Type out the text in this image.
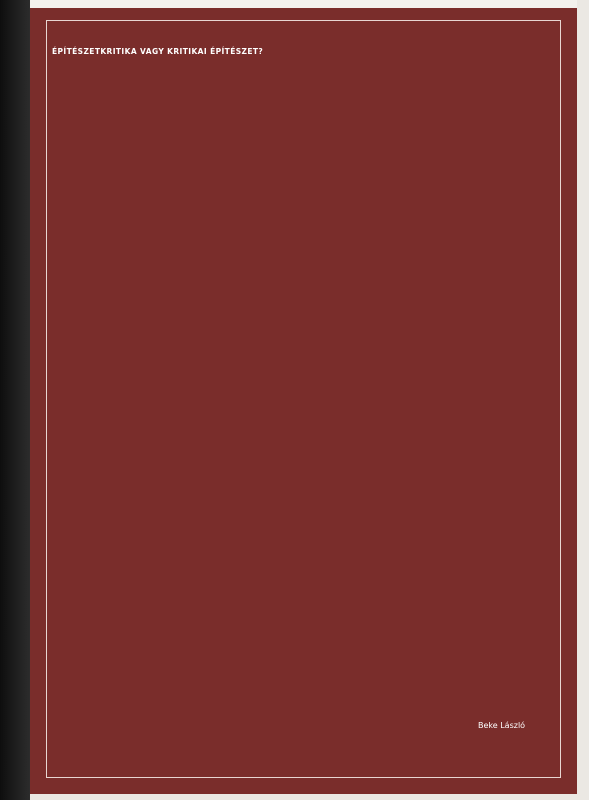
ÉPÍTÉSZETKRITIKA VAGY KRITIKAI ÉPÍTÉSZET?

Beke László
